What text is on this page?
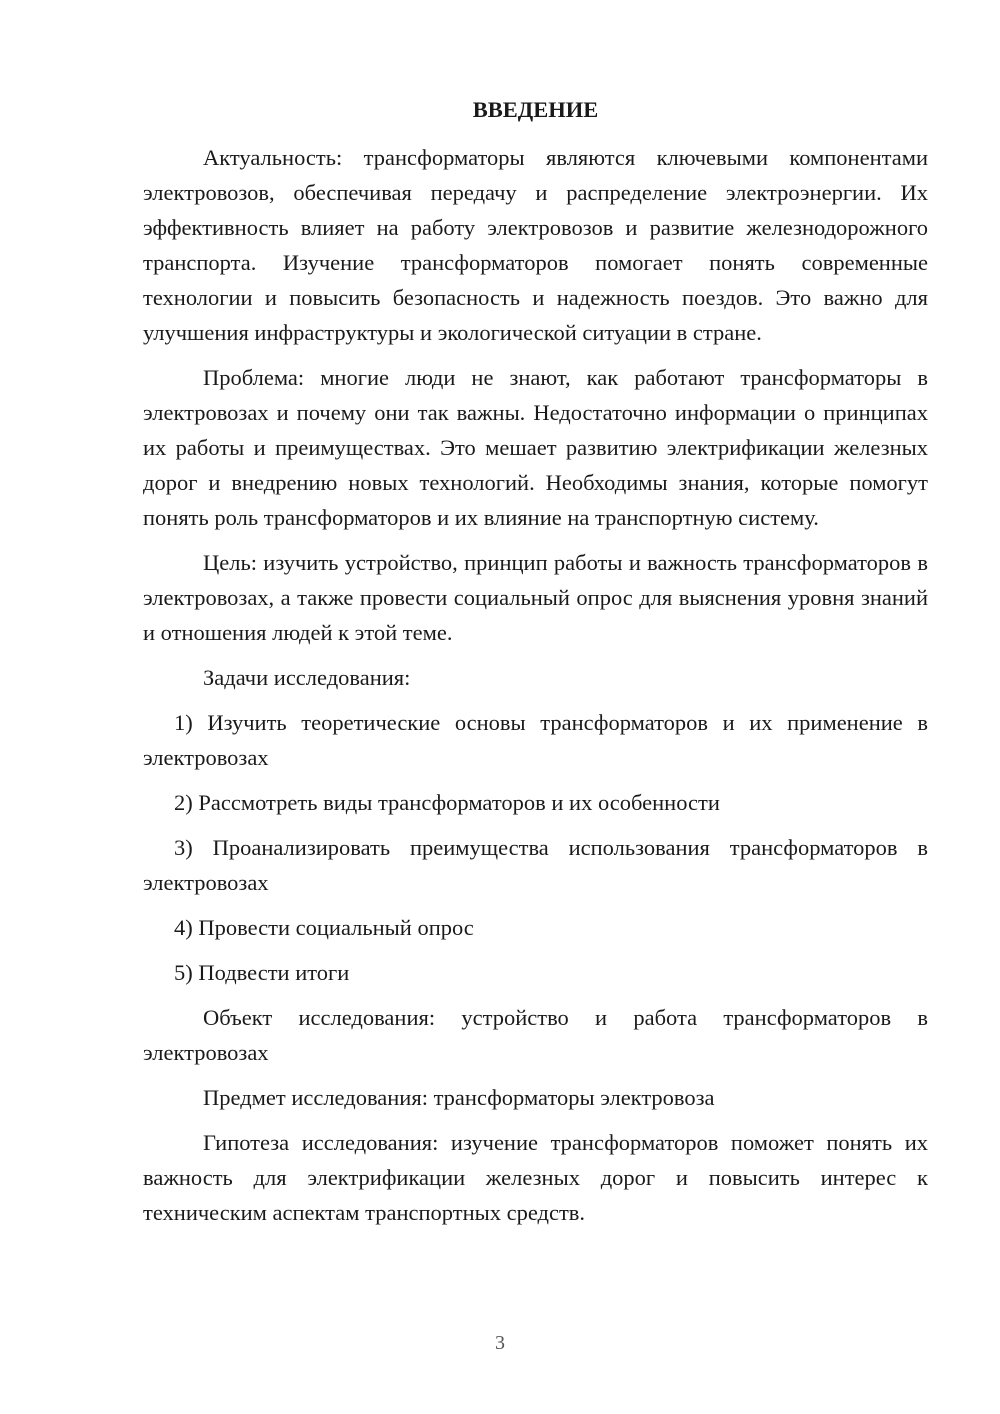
ВВЕДЕНИЕ

Актуальность: трансформаторы являются ключевыми компонентами электровозов, обеспечивая передачу и распределение электроэнергии. Их эффективность влияет на работу электровозов и развитие железнодорожного транспорта. Изучение трансформаторов помогает понять современные технологии и повысить безопасность и надежность поездов. Это важно для улучшения инфраструктуры и экологической ситуации в стране.

Проблема: многие люди не знают, как работают трансформаторы в электровозах и почему они так важны. Недостаточно информации о принципах их работы и преимуществах. Это мешает развитию электрификации железных дорог и внедрению новых технологий. Необходимы знания, которые помогут понять роль трансформаторов и их влияние на транспортную систему.

Цель: изучить устройство, принцип работы и важность трансформаторов в электровозах, а также провести социальный опрос для выяснения уровня знаний и отношения людей к этой теме.

Задачи исследования:

1) Изучить теоретические основы трансформаторов и их применение в электровозах

2) Рассмотреть виды трансформаторов и их особенности

3) Проанализировать преимущества использования трансформаторов в электровозах

4) Провести социальный опрос

5) Подвести итоги

Объект исследования: устройство и работа трансформаторов в электровозах

Предмет исследования: трансформаторы электровоза

Гипотеза исследования: изучение трансформаторов поможет понять их важность для электрификации железных дорог и повысить интерес к техническим аспектам транспортных средств.

3
